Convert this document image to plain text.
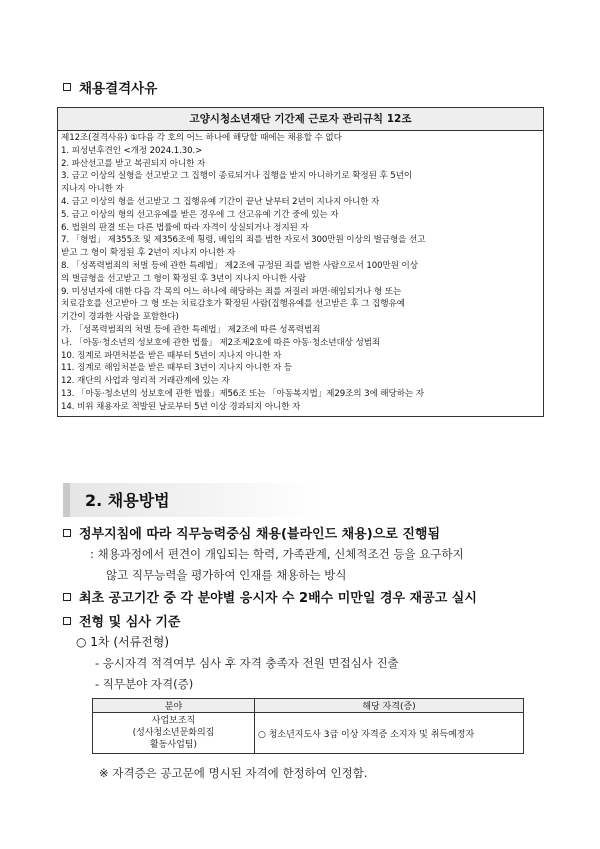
채용결격사유
고양시청소년재단 기간제 근로자 관리규칙 12조
제12조(결격사유) ①다음 각 호의 어느 하나에 해당할 때에는 채용할 수 없다
1. 피성년후견인 <개정 2024.1.30.>
2. 파산선고를 받고 복권되지 아니한 자
3. 금고 이상의 실형을 선고받고 그 집행이 종료되거나 집행을 받지 아니하기로 확정된 후 5년이
지나지 아니한 자
4. 금고 이상의 형을 선고받고 그 집행유예 기간이 끝난 날부터 2년이 지나지 아니한 자
5. 금고 이상의 형의 선고유예를 받은 경우에 그 선고유예 기간 중에 있는 자
6. 법원의 판결 또는 다른 법률에 따라 자격이 상실되거나 정지된 자
7. 「형법」 제355조 및 제356조에 횡령, 배임의 죄를 범한 자로서 300만원 이상의 벌금형을 선고
받고 그 형이 확정된 후 2년이 지나지 아니한 자
8. 「성폭력범죄의 처벌 등에 관한 특례법」 제2조에 규정된 죄를 범한 사람으로서 100만원 이상
의 벌금형을 선고받고 그 형이 확정된 후 3년이 지나지 아니한 사람
9. 미성년자에 대한 다음 각 목의 어느 하나에 해당하는 죄를 저질러 파면·해임되거나 형 또는
치료감호를 선고받아 그 형 또는 치료감호가 확정된 사람(집행유예를 선고받은 후 그 집행유예
기간이 경과한 사람을 포함한다)
가. 「성폭력범죄의 처벌 등에 관한 특례법」 제2조에 따른 성폭력범죄
나. 「아동·청소년의 성보호에 관한 법률」 제2조제2호에 따른 아동·청소년대상 성범죄
10. 징계로 파면처분을 받은 때부터 5년이 지나지 아니한 자
11. 징계로 해임처분을 받은 때부터 3년이 지나지 아니한 자 등
12. 재단의 사업과 영리적 거래관계에 있는 자
13. 「아동·청소년의 성보호에 관한 법률」제56조 또는 「아동복지법」제29조의 3에 해당하는 자
14. 비위 채용자로 적발된 날로부터 5년 이상 경과되지 아니한 자
2. 채용방법
정부지침에 따라 직무능력중심 채용(블라인드 채용)으로 진행됨
: 채용과정에서 편견이 개입되는 학력, 가족관계, 신체적조건 등을 요구하지
않고 직무능력을 평가하여 인재를 채용하는 방식
최초 공고기간 중 각 분야별 응시자 수 2배수 미만일 경우 재공고 실시
전형 및 심사 기준
○ 1차 (서류전형)
- 응시자격 적격여부 심사 후 자격 충족자 전원 면접심사 진출
- 직무분야 자격(증)
분야	해당 자격(증)

사업보조직
(성사청소년문화의집
활동사업팀)	○ 청소년지도사 3급 이상 자격증 소지자 및 취득예정자
※ 자격증은 공고문에 명시된 자격에 한정하여 인정함.
